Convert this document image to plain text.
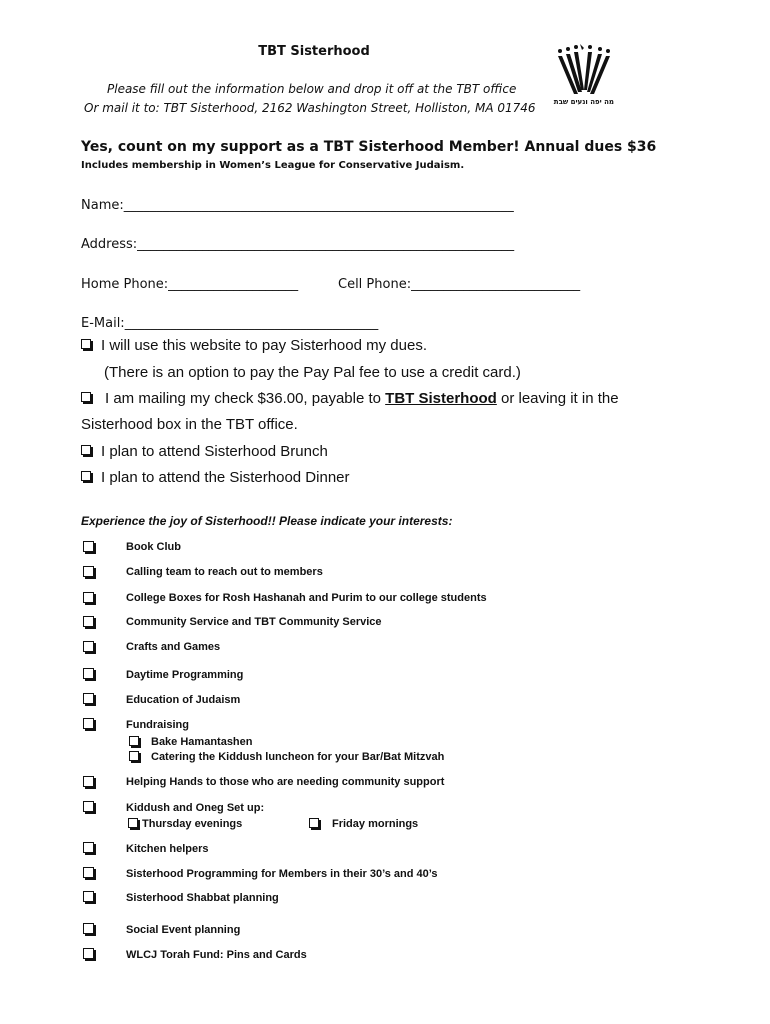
TBT Sisterhood
Please fill out the information below and drop it off at the TBT office
Or mail it to: TBT Sisterhood, 2162 Washington Street, Holliston, MA 01746	מה יפה ונעים שבת
Yes, count on my support as a TBT Sisterhood Member! Annual dues $36
Includes membership in Women’s League for Conservative Judaism.
Name:____________________________________________________________
Address:__________________________________________________________
Home Phone:____________________	Cell Phone:__________________________
E-Mail:_______________________________________
I will use this website to pay Sisterhood my dues.
(There is an option to pay the Pay Pal fee to use a credit card.)
I am mailing my check $36.00, payable to TBT Sisterhood or leaving it in the
Sisterhood box in the TBT office.
I plan to attend Sisterhood Brunch
I plan to attend the Sisterhood Dinner
Experience the joy of Sisterhood!! Please indicate your interests:
Book Club
Calling team to reach out to members
College Boxes for Rosh Hashanah and Purim to our college students
Community Service and TBT Community Service
Crafts and Games
Daytime Programming
Education of Judaism
Fundraising
Bake Hamantashen
Catering the Kiddush luncheon for your Bar/Bat Mitzvah
Helping Hands to those who are needing community support
Kiddush and Oneg Set up:
Thursday evenings	Friday mornings
Kitchen helpers
Sisterhood Programming for Members in their 30’s and 40’s
Sisterhood Shabbat planning
Social Event planning
WLCJ Torah Fund: Pins and Cards
